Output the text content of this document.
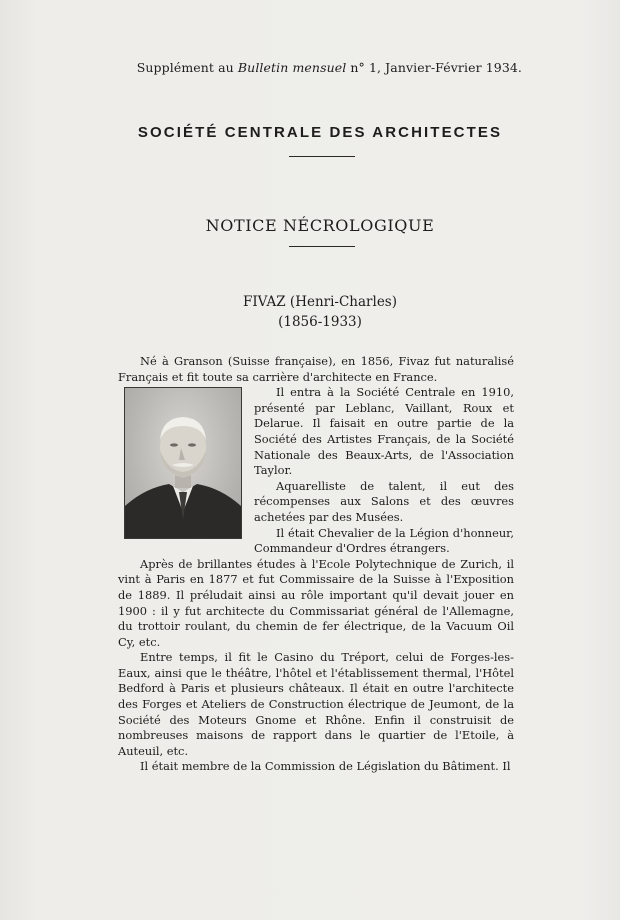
Supplément au Bulletin mensuel n° 1, Janvier-Février 1934.
SOCIÉTÉ CENTRALE DES ARCHITECTES
NOTICE NÉCROLOGIQUE
FIVAZ (Henri-Charles)
(1856-1933)

Né à Granson (Suisse française), en 1856, Fivaz fut naturalisé Français et fit toute sa carrière d'architecte en France.

Il entra à la Société Centrale en 1910, présenté par Leblanc, Vaillant, Roux et Delarue. Il faisait en outre partie de la Société des Artistes Français, de la Société Nationale des Beaux-Arts, de l'Association Taylor.

Aquarelliste de talent, il eut des récompenses aux Salons et des œuvres achetées par des Musées.

Il était Chevalier de la Légion d'honneur, Commandeur d'Ordres étrangers.

Après de brillantes études à l'Ecole Polytechnique de Zurich, il vint à Paris en 1877 et fut Commissaire de la Suisse à l'Exposition de 1889. Il préludait ainsi au rôle important qu'il devait jouer en 1900 : il y fut architecte du Commissariat général de l'Allemagne, du trottoir roulant, du chemin de fer électrique, de la Vacuum Oil Cy, etc.

Entre temps, il fit le Casino du Tréport, celui de Forges-les-Eaux, ainsi que le théâtre, l'hôtel et l'établissement thermal, l'Hôtel Bedford à Paris et plusieurs châteaux. Il était en outre l'architecte des Forges et Ateliers de Construction électrique de Jeumont, de la Société des Moteurs Gnome et Rhône. Enfin il construisit de nombreuses maisons de rapport dans le quartier de l'Etoile, à Auteuil, etc.

Il était membre de la Commission de Législation du Bâtiment. Il
